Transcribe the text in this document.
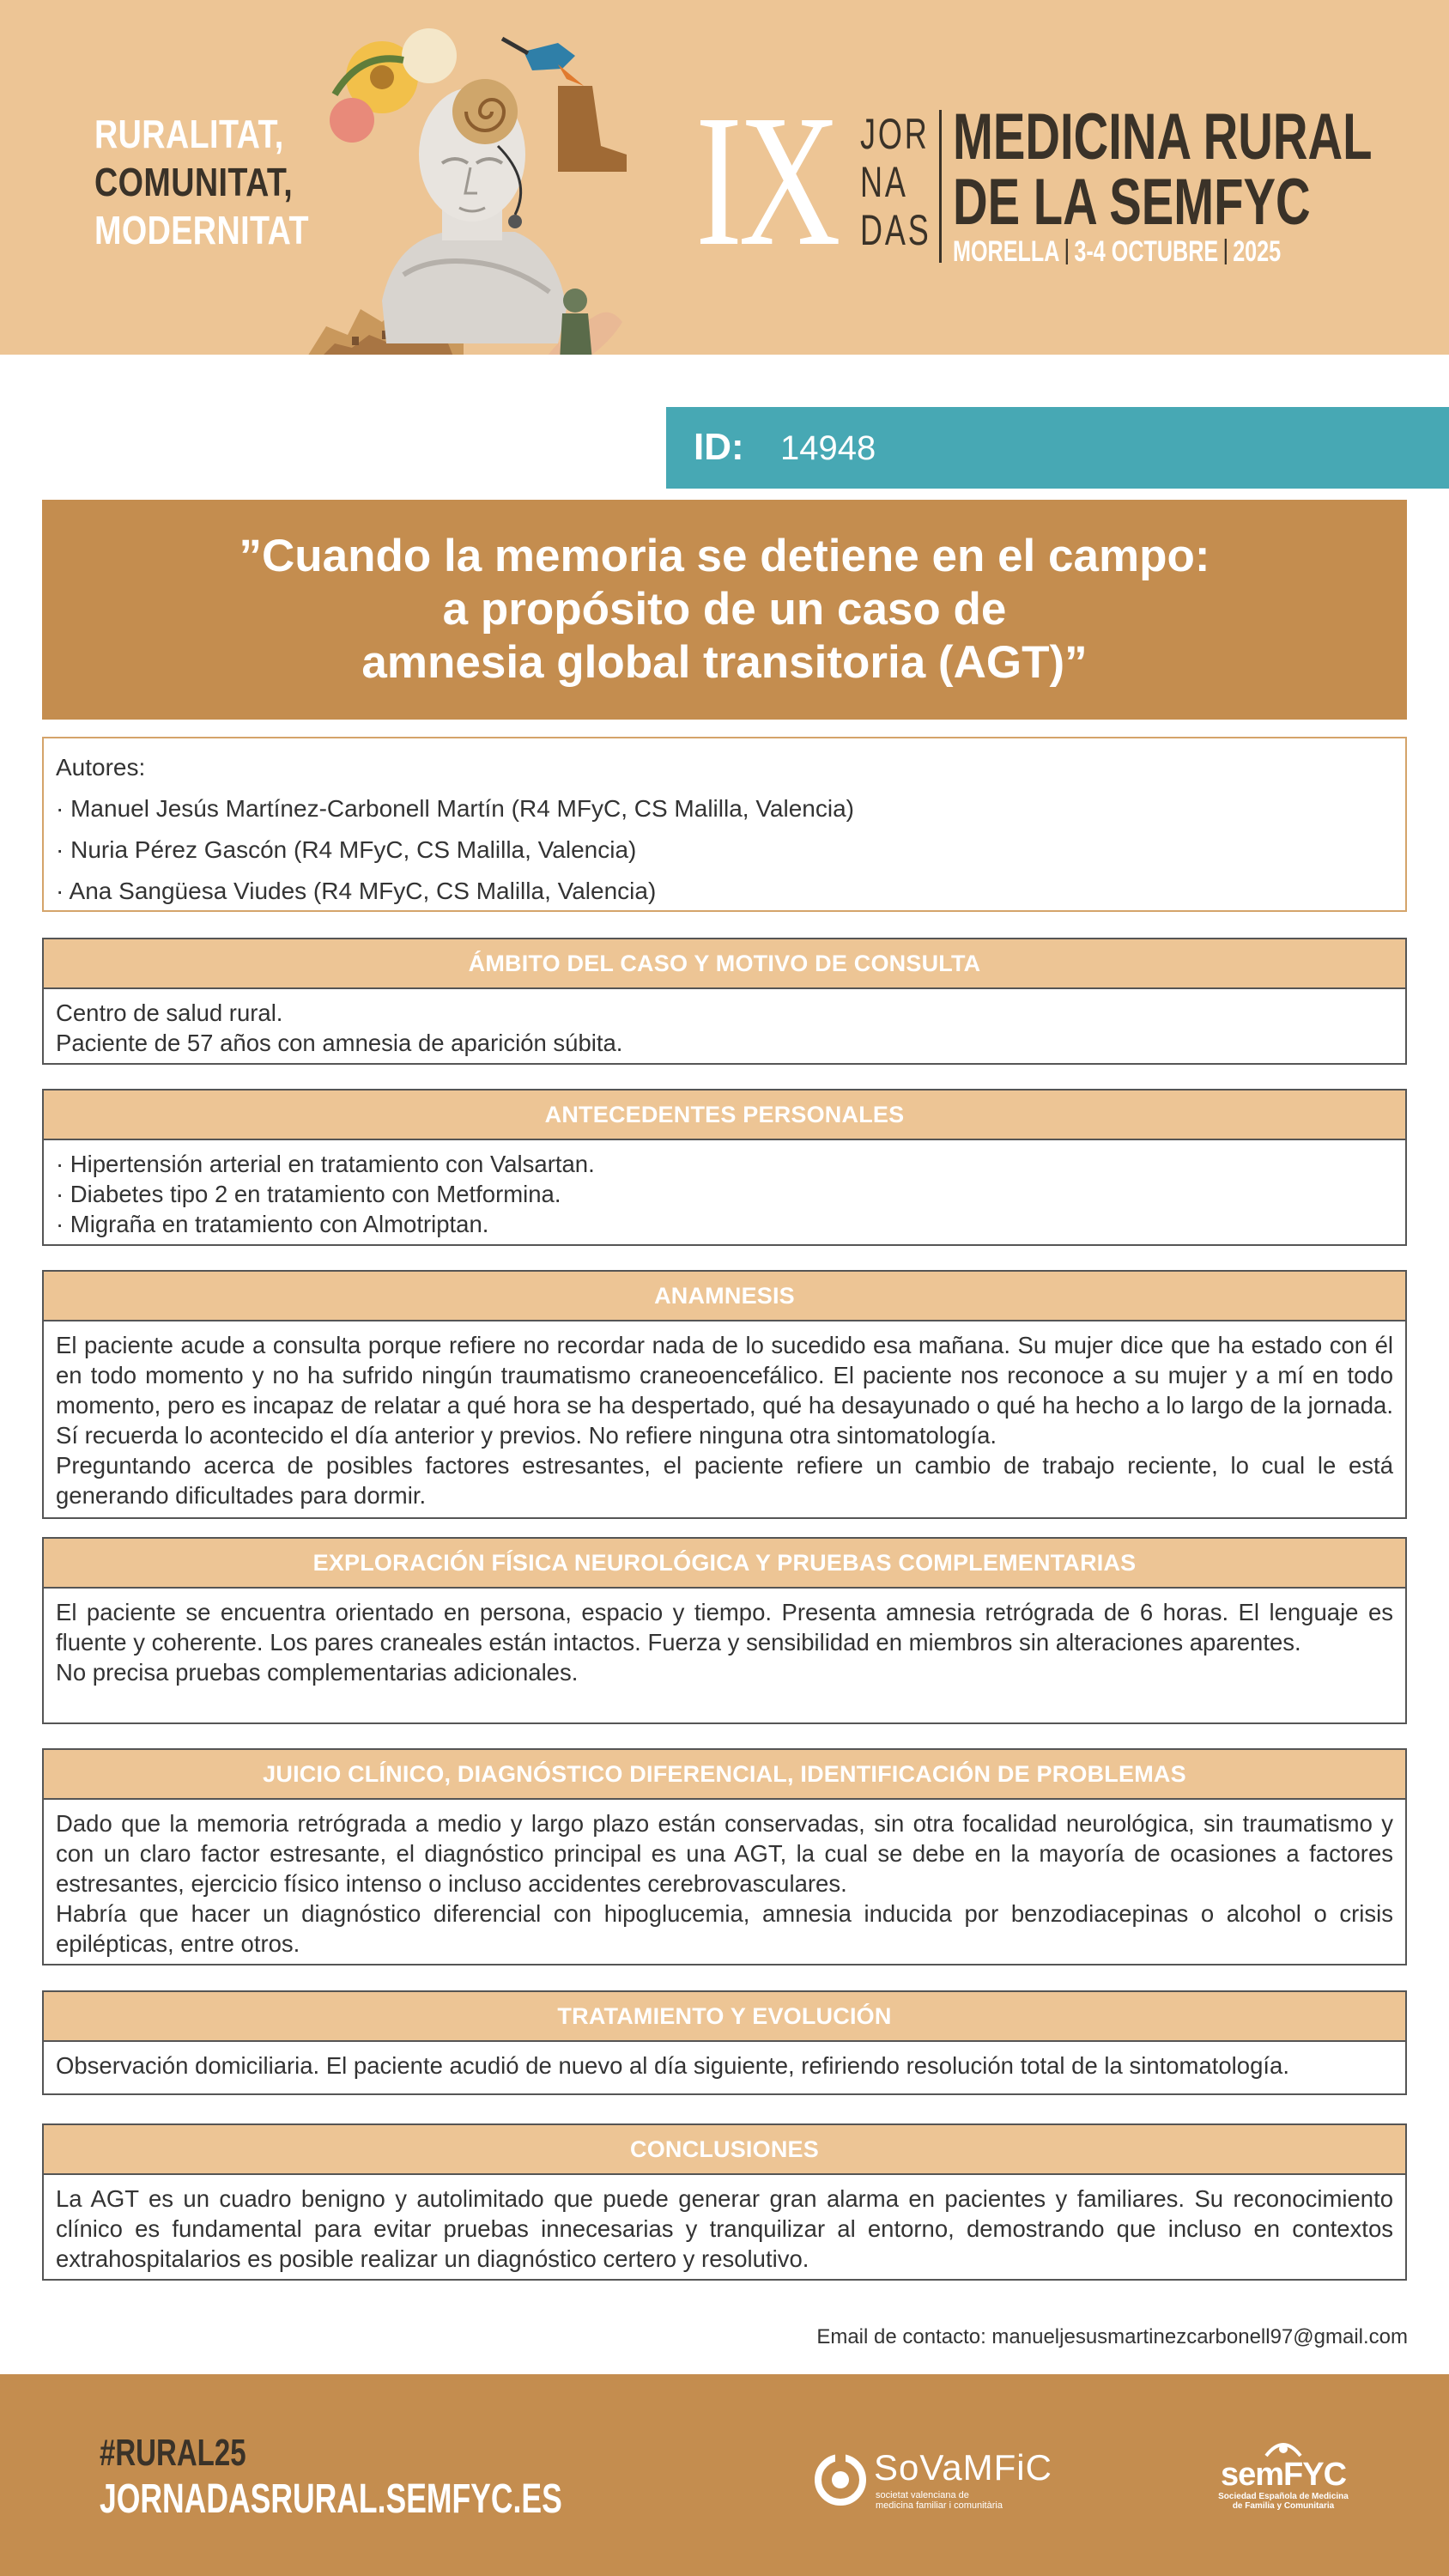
RURALITAT,
COMUNITAT,
MODERNITAT IX JOR
NA
DAS
MEDICINA RURAL
DE LA SEMFYC
MORELLA 3-4 OCTUBRE 2025
ID: 14948
”Cuando la memoria se detiene en el campo:
a propósito de un caso de
amnesia global transitoria (AGT)”
Autores:
· Manuel Jesús Martínez-Carbonell Martín (R4 MFyC, CS Malilla, Valencia)
· Nuria Pérez Gascón (R4 MFyC, CS Malilla, Valencia)
· Ana Sangüesa Viudes (R4 MFyC, CS Malilla, Valencia)
ÁMBITO DEL CASO Y MOTIVO DE CONSULTA

Centro de salud rural.

Paciente de 57 años con amnesia de aparición súbita.

ANTECEDENTES PERSONALES

· Hipertensión arterial en tratamiento con Valsartan.

· Diabetes tipo 2 en tratamiento con Metformina.

· Migraña en tratamiento con Almotriptan.

ANAMNESIS

El paciente acude a consulta porque refiere no recordar nada de lo sucedido esa mañana. Su mujer dice que ha estado con él en todo momento y no ha sufrido ningún traumatismo craneoencefálico. El paciente nos reconoce a su mujer y a mí en todo momento, pero es incapaz de relatar a qué hora se ha despertado, qué ha desayunado o qué ha hecho a lo largo de la jornada. Sí recuerda lo acontecido el día anterior y previos. No refiere ninguna otra sintomatología.

Preguntando acerca de posibles factores estresantes, el paciente refiere un cambio de trabajo reciente, lo cual le está generando dificultades para dormir.

EXPLORACIÓN FÍSICA NEUROLÓGICA Y PRUEBAS COMPLEMENTARIAS

El paciente se encuentra orientado en persona, espacio y tiempo. Presenta amnesia retrógrada de 6 horas. El lenguaje es fluente y coherente. Los pares craneales están intactos. Fuerza y sensibilidad en miembros sin alteraciones aparentes.

No precisa pruebas complementarias adicionales.

JUICIO CLÍNICO, DIAGNÓSTICO DIFERENCIAL, IDENTIFICACIÓN DE PROBLEMAS

Dado que la memoria retrógrada a medio y largo plazo están conservadas, sin otra focalidad neurológica, sin traumatismo y con un claro factor estresante, el diagnóstico principal es una AGT, la cual se debe en la mayoría de ocasiones a factores estresantes, ejercicio físico intenso o incluso accidentes cerebrovasculares.

Habría que hacer un diagnóstico diferencial con hipoglucemia, amnesia inducida por benzodiacepinas o alcohol o crisis epilépticas, entre otros.

TRATAMIENTO Y EVOLUCIÓN

Observación domiciliaria. El paciente acudió de nuevo al día siguiente, refiriendo resolución total de la sintomatología.

CONCLUSIONES

La AGT es un cuadro benigno y autolimitado que puede generar gran alarma en pacientes y familiares. Su reconocimiento clínico es fundamental para evitar pruebas innecesarias y tranquilizar al entorno, demostrando que incluso en contextos extrahospitalarios es posible realizar un diagnóstico certero y resolutivo.

Email de contacto: manueljesusmartinezcarbonell97@gmail.com
#RURAL25
JORNADASRURAL.SEMFYC.ES
SoVaMFiC
societat valenciana de
medicina familiar i comunitària
semFYC
Sociedad Española de Medicina
de Familia y Comunitaria
